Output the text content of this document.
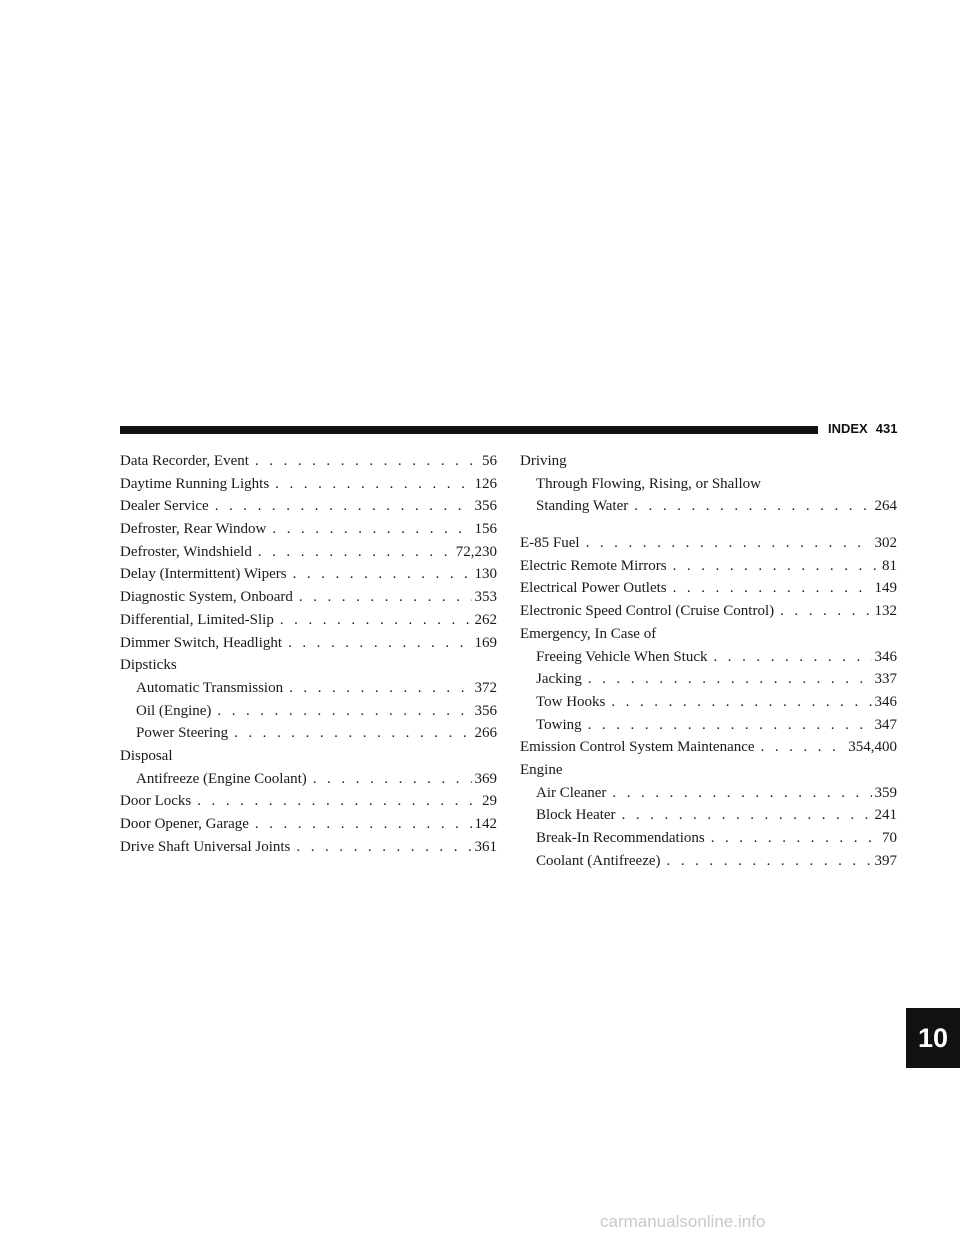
INDEX 431
Data Recorder, Event . . .	56
Daytime Running Lights . . .	126
Dealer Service . . .	356
Defroster, Rear Window . . .	156
Defroster, Windshield . . .	72,230
Delay (Intermittent) Wipers . . .	130
Diagnostic System, Onboard . . .	353
Differential, Limited-Slip . . .	262
Dimmer Switch, Headlight . . .	169
Dipsticks
Automatic Transmission . . .	372
Oil (Engine) . . .	356
Power Steering . . .	266
Disposal
Antifreeze (Engine Coolant) . . .	369
Door Locks . . .	29
Door Opener, Garage . . .	142
Drive Shaft Universal Joints . . .	361
Driving
Through Flowing, Rising, or Shallow
Standing Water . . .	264
E-85 Fuel . . .	302
Electric Remote Mirrors . . .	81
Electrical Power Outlets . . .	149
Electronic Speed Control (Cruise Control) . . .	132
Emergency, In Case of
Freeing Vehicle When Stuck . . .	346
Jacking . . .	337
Tow Hooks . . .	346
Towing . . .	347
Emission Control System Maintenance . . .	354,400
Engine
Air Cleaner . . .	359
Block Heater . . .	241
Break-In Recommendations . . .	70
Coolant (Antifreeze) . . .	397
10
carmanualsonline.info
